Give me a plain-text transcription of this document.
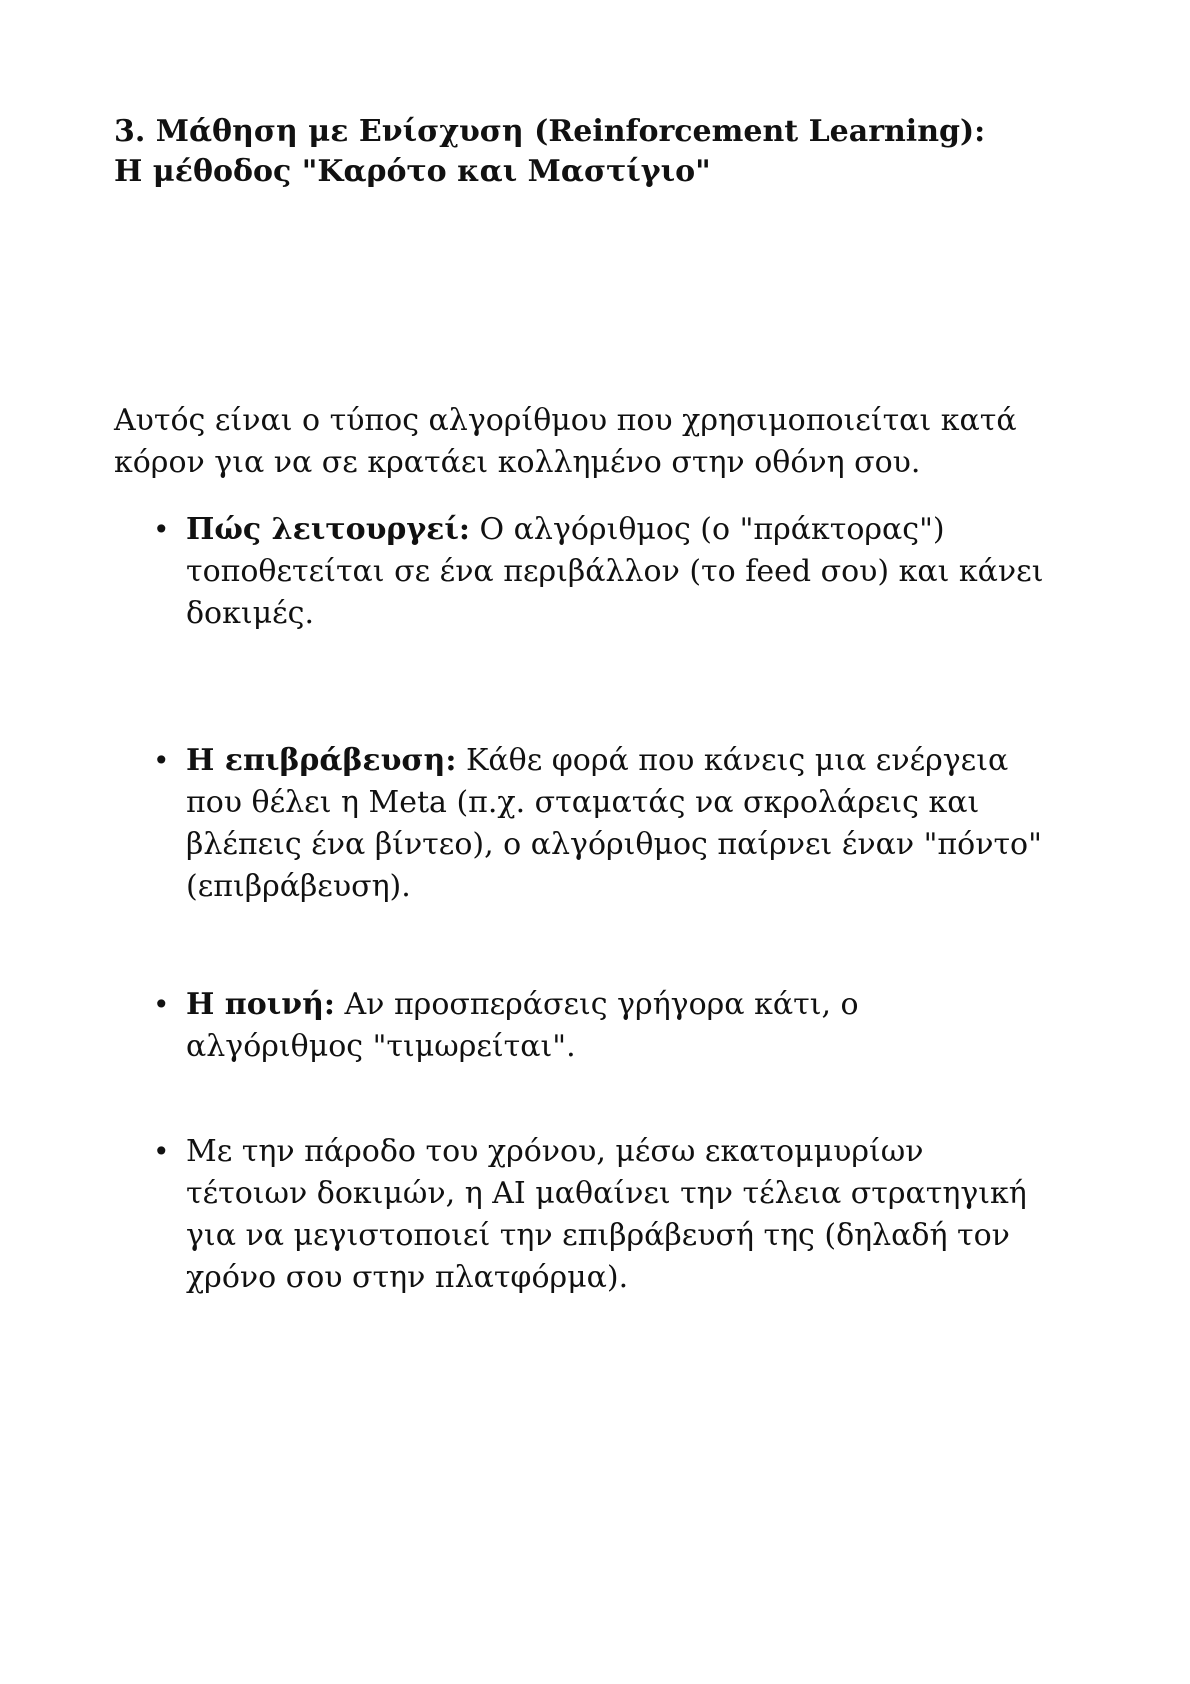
3. Μάθηση με Ενίσχυση (Reinforcement Learning):
Η μέθοδος "Καρότο και Μαστίγιο"

Αυτός είναι ο τύπος αλγορίθμου που χρησιμοποιείται κατά
κόρον για να σε κρατάει κολλημένο στην οθόνη σου.

• Πώς λειτουργεί: Ο αλγόριθμος (ο "πράκτορας")
τοποθετείται σε ένα περιβάλλον (το feed σου) και κάνει
δοκιμές.
• Η επιβράβευση: Κάθε φορά που κάνεις μια ενέργεια
που θέλει η Meta (π.χ. σταματάς να σκρολάρεις και
βλέπεις ένα βίντεο), ο αλγόριθμος παίρνει έναν "πόντο"
(επιβράβευση).
• Η ποινή: Αν προσπεράσεις γρήγορα κάτι, ο
αλγόριθμος "τιμωρείται".
• Με την πάροδο του χρόνου, μέσω εκατομμυρίων
τέτοιων δοκιμών, η AI μαθαίνει την τέλεια στρατηγική
για να μεγιστοποιεί την επιβράβευσή της (δηλαδή τον
χρόνο σου στην πλατφόρμα).
